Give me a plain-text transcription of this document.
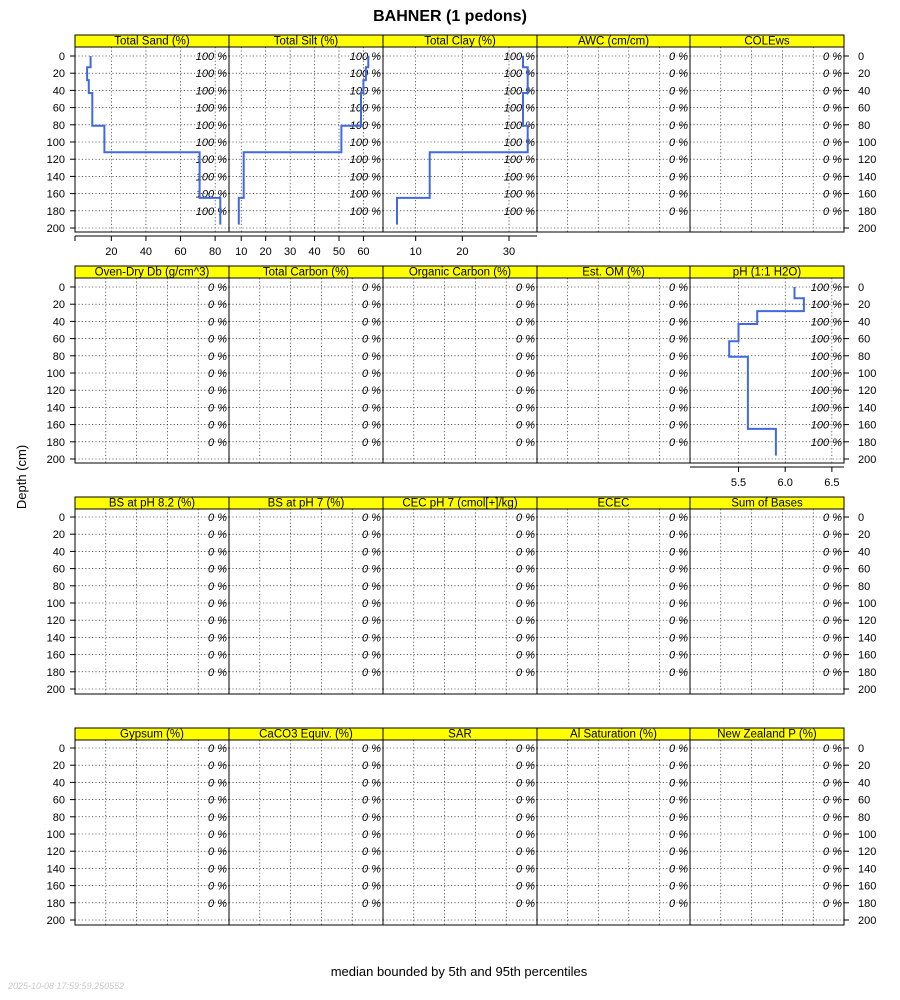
BAHNER (1 pedons)
Total Sand (%)
100 %
100 %
100 %
100 %
100 %
100 %
100 %
100 %
100 %
100 %
20 40 60 80
Total Silt (%)
100 %
100 %
100 %
100 %
100 %
100 %
100 %
100 %
100 %
100 %
10 20 30 40 50 60
Total Clay (%)
100 %
100 %
100 %
100 %
100 %
100 %
100 %
100 %
100 %
100 %
10	20	30
AWC (cm/cm)
0 %
0 %
0 %
0 %
0 %
0 %
0 %
0 %
0 %
0 %
COLEws
0 %
0 %
0 %
0 %
0 %
0 %
0 %
0 %
0 %
0 %
Oven-Dry Db (g/cm^3)
0 %
0 %
0 %
0 %
0 %
0 %
0 %
0 %
0 %
0 %
Total Carbon (%)
0 %
0 %
0 %
0 %
0 %
0 %
0 %
0 %
0 %
0 %
Organic Carbon (%)
0 %
0 %
0 %
0 %
0 %
0 %
0 %
0 %
0 %
0 %
Est. OM (%)
0 %
0 %
0 %
0 %
0 %
0 %
0 %
0 %
0 %
0 %
pH (1:1 H2O)
100 %
100 %
100 %
100 %
100 %
100 %
100 %
100 %
100 %
100 %
5.5	6.0	6.5
BS at pH 8.2 (%)
0 %
0 %
0 %
0 %
0 %
0 %
0 %
0 %
0 %
0 %
BS at pH 7 (%)
0 %
0 %
0 %
0 %
0 %
0 %
0 %
0 %
0 %
0 %
CEC pH 7 (cmol[+]/kg)
0 %
0 %
0 %
0 %
0 %
0 %
0 %
0 %
0 %
0 %
ECEC
0 %
0 %
0 %
0 %
0 %
0 %
0 %
0 %
0 %
0 %
Sum of Bases
0 %
0 %
0 %
0 %
0 %
0 %
0 %
0 %
0 %
0 %
Gypsum (%)
0 %
0 %
0 %
0 %
0 %
0 %
0 %
0 %
0 %
0 %
CaCO3 Equiv. (%)
0 %
0 %
0 %
0 %
0 %
0 %
0 %
0 %
0 %
0 %
SAR
0 %
0 %
0 %
0 %
0 %
0 %
0 %
0 %
0 %
0 %
Al Saturation (%)
0 %
0 %
0 %
0 %
0 %
0 %
0 %
0 %
0 %
0 %
New Zealand P (%)
0 %
0 %
0 %
0 %
0 %
0 %
0 %
0 %
0 %
0 %
0	0
20	20
40	40
60	60
80	80
100	100
120	120
140	140
160	160
180	180
200	200
0	0
20	20
40	40
60	60
80	80
100	100
120	120
140	140
160	160
180	180
200	200
0	0
20	20
40	40
60	60
80	80
100	100
120	120
140	140
160	160
180	180
200	200
0	0
20	20
40	40
60	60
80	80
100	100
120	120
140	140
160	160
180	180
200	200
Depth (cm)
median bounded by 5th and 95th percentiles
2025-10-08 17:59:59.250552
